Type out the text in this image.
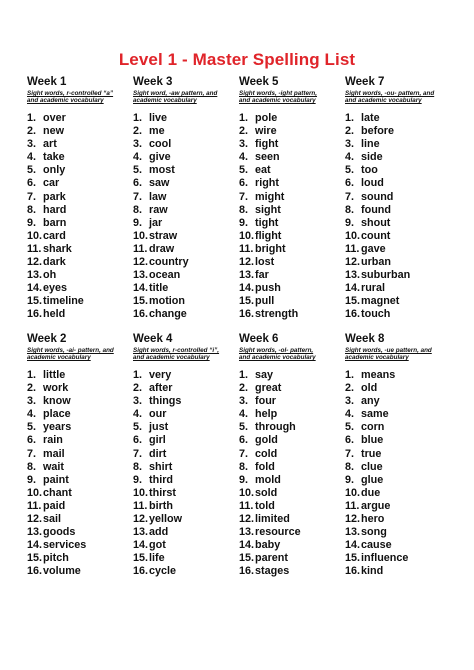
Level 1 - Master Spelling List
Week 1
Sight words, r-controlled “a”
and academic vocabulary
1. over
2. new
3. art
4. take
5. only
6. car
7. park
8. hard
9. barn
10.card
11. shark
12.dark
13.oh
14.eyes
15.timeline
16.held
Week 3
Sight word, -aw pattern, and
academic vocabulary
1. live
2. me
3. cool
4. give
5. most
6. saw
7. law
8. raw
9. jar
10.straw
11. draw
12.country
13.ocean
14.title
15.motion
16.change
Week 5
Sight words, -ight pattern,
and academic vocabulary
1. pole
2. wire
3. fight
4. seen
5. eat
6. right
7. might
8. sight
9. tight
10.flight
11. bright
12.lost
13.far
14.push
15.pull
16.strength
Week 7
Sight words, -ou- pattern, and
and academic vocabulary
1. late
2. before
3. line
4. side
5. too
6. loud
7. sound
8. found
9. shout
10.count
11. gave
12.urban
13.suburban
14.rural
15.magnet
16.touch
Week 2
Sight words, -ai- pattern, and
academic vocabulary
1. little
2. work
3. know
4. place
5. years
6. rain
7. mail
8. wait
9. paint
10.chant
11. paid
12.sail
13.goods
14.services
15.pitch
16.volume
Week 4
Sight words, r-controlled “i”,
and academic vocabulary
1. very
2. after
3. things
4. our
5. just
6. girl
7. dirt
8. shirt
9. third
10.thirst
11. birth
12.yellow
13.add
14.got
15.life
16.cycle
Week 6
Sight words, -ol- pattern,
and academic vocabulary
1. say
2. great
3. four
4. help
5. through
6. gold
7. cold
8. fold
9. mold
10.sold
11. told
12.limited
13.resource
14.baby
15.parent
16.stages
Week 8
Sight words, -ue pattern, and
academic vocabulary
1. means
2. old
3. any
4. same
5. corn
6. blue
7. true
8. clue
9. glue
10.due
11. argue
12.hero
13.song
14.cause
15.influence
16.kind
